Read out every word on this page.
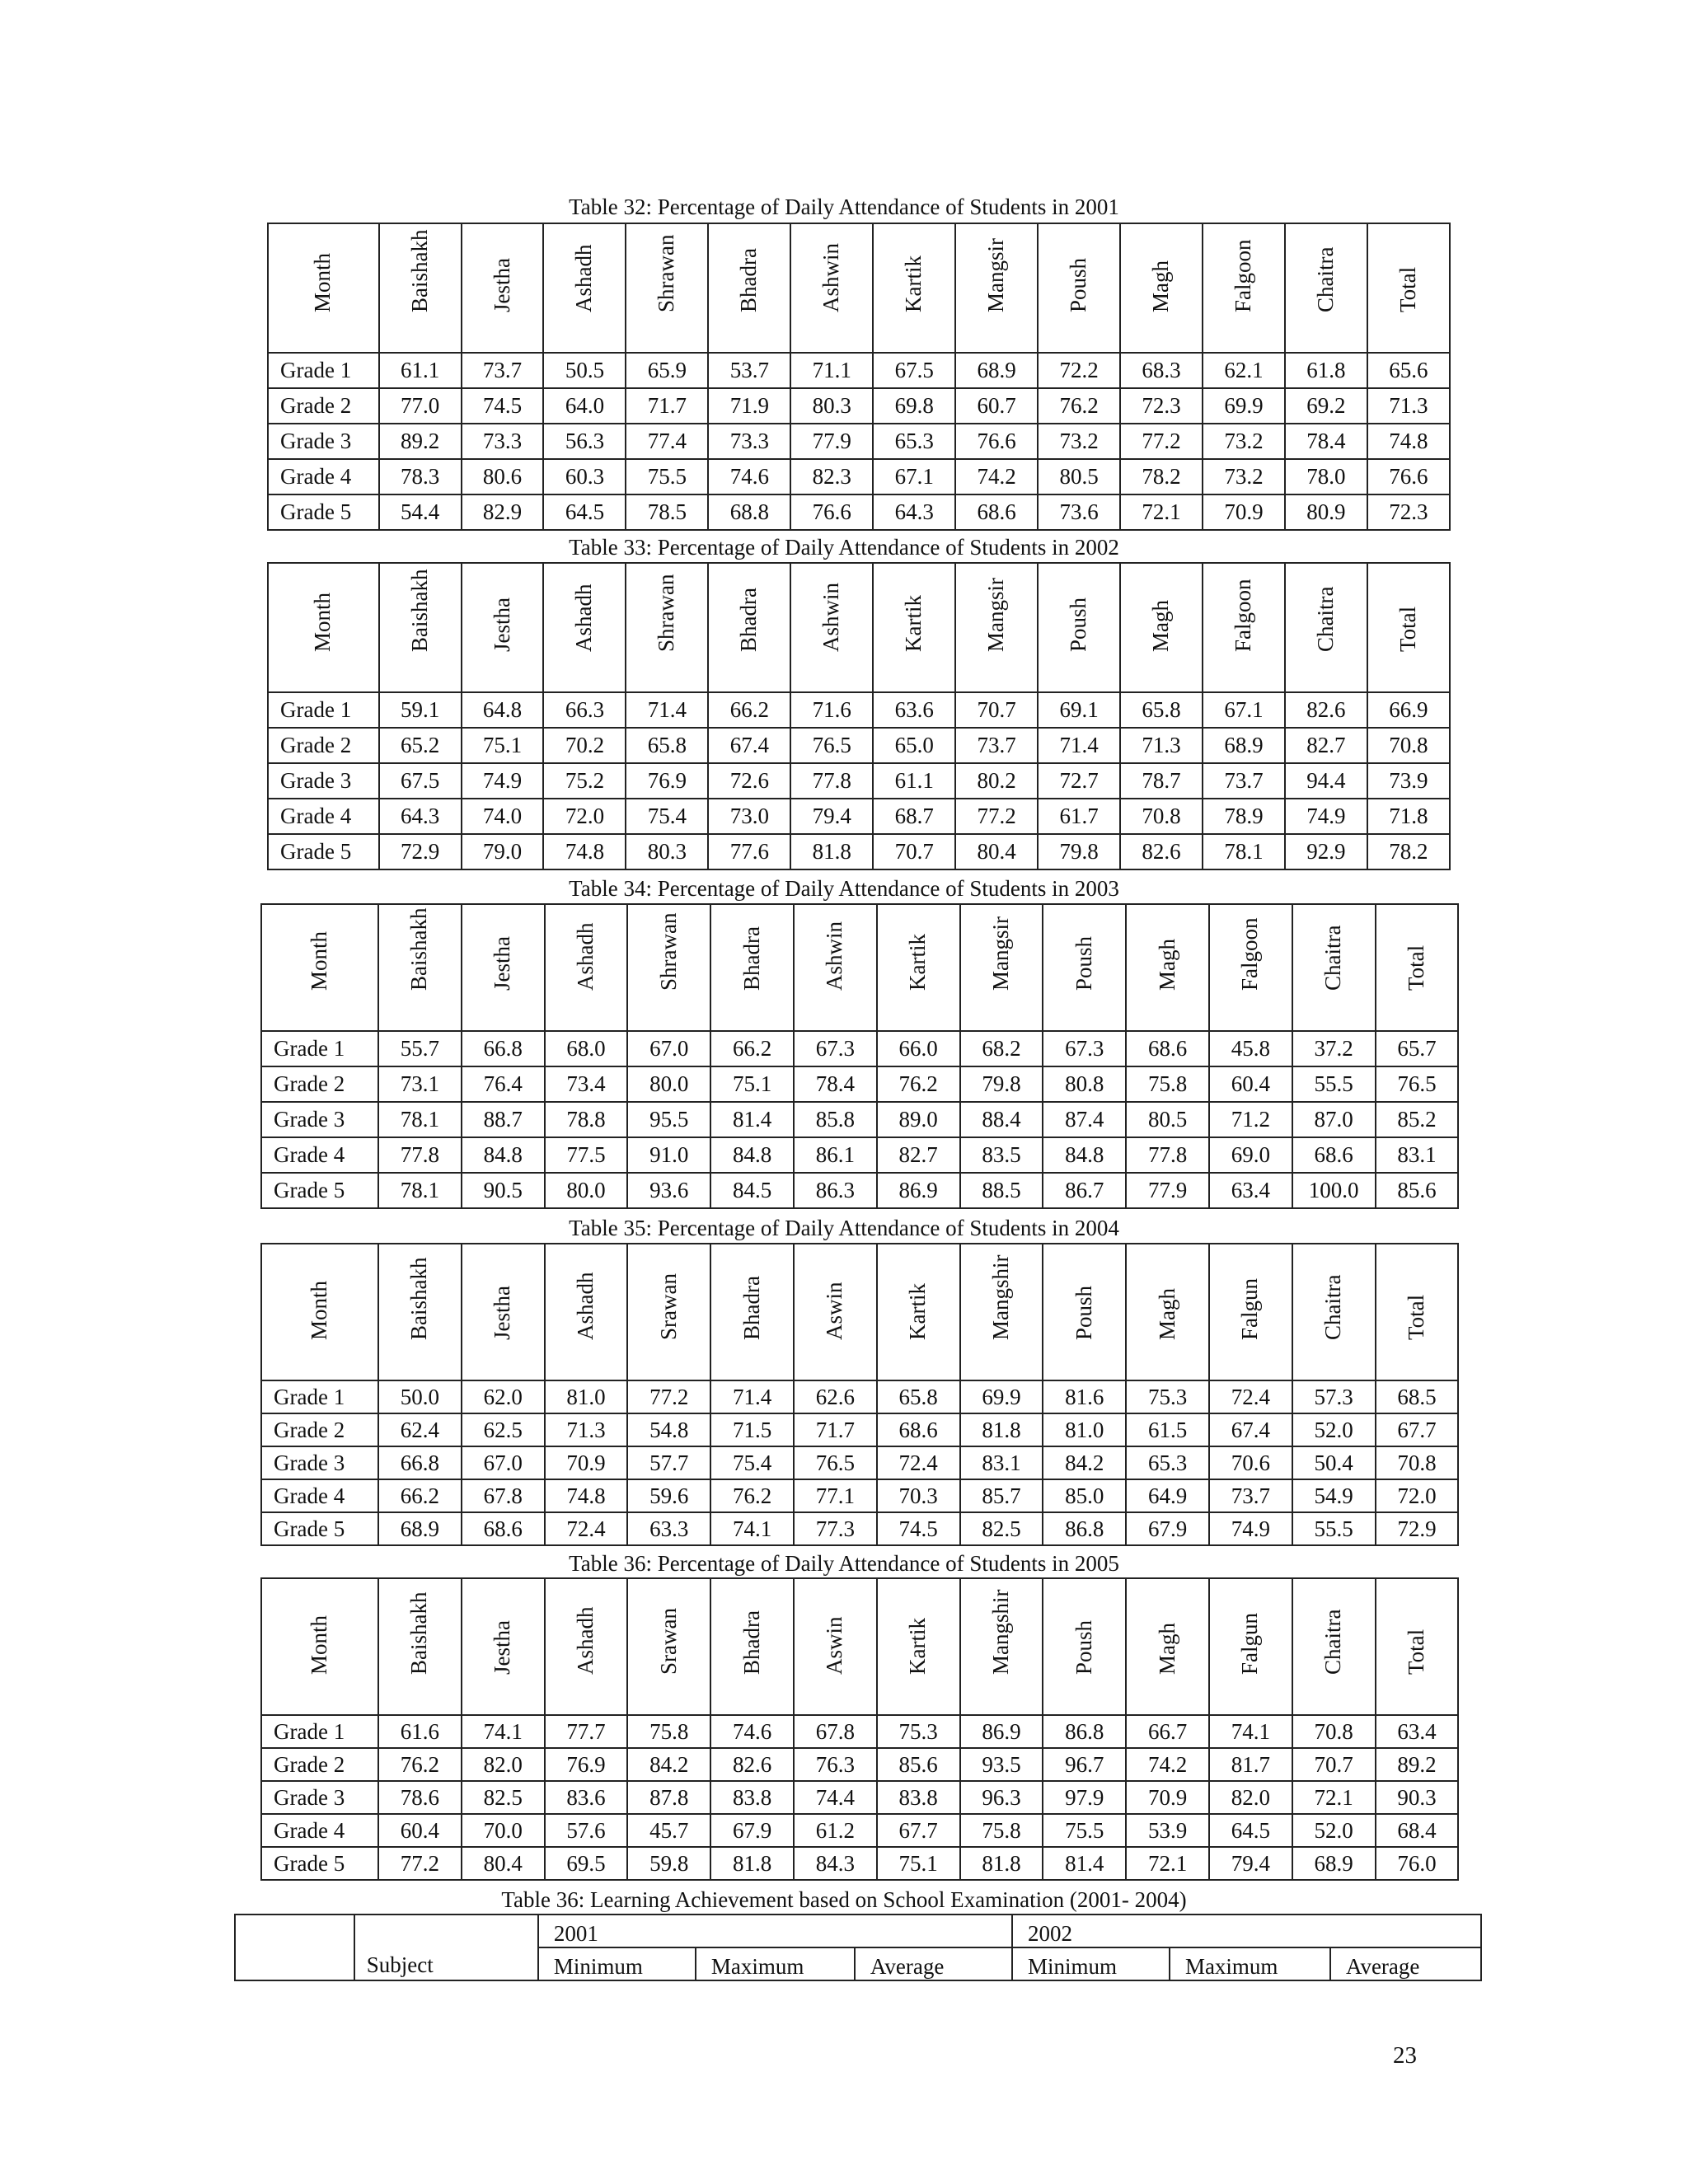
Table 32: Percentage of Daily Attendance of Students in 2001
Month	Baishakh	Jestha	Ashadh	Shrawan	Bhadra	Ashwin	Kartik	Mangsir	Poush	Magh	Falgoon	Chaitra	Total

Grade 1	61.1	73.7	50.5	65.9	53.7	71.1	67.5	68.9	72.2	68.3	62.1	61.8	65.6
Grade 2	77.0	74.5	64.0	71.7	71.9	80.3	69.8	60.7	76.2	72.3	69.9	69.2	71.3
Grade 3	89.2	73.3	56.3	77.4	73.3	77.9	65.3	76.6	73.2	77.2	73.2	78.4	74.8
Grade 4	78.3	80.6	60.3	75.5	74.6	82.3	67.1	74.2	80.5	78.2	73.2	78.0	76.6
Grade 5	54.4	82.9	64.5	78.5	68.8	76.6	64.3	68.6	73.6	72.1	70.9	80.9	72.3
Table 33: Percentage of Daily Attendance of Students in 2002
Month	Baishakh	Jestha	Ashadh	Shrawan	Bhadra	Ashwin	Kartik	Mangsir	Poush	Magh	Falgoon	Chaitra	Total

Grade 1	59.1	64.8	66.3	71.4	66.2	71.6	63.6	70.7	69.1	65.8	67.1	82.6	66.9
Grade 2	65.2	75.1	70.2	65.8	67.4	76.5	65.0	73.7	71.4	71.3	68.9	82.7	70.8
Grade 3	67.5	74.9	75.2	76.9	72.6	77.8	61.1	80.2	72.7	78.7	73.7	94.4	73.9
Grade 4	64.3	74.0	72.0	75.4	73.0	79.4	68.7	77.2	61.7	70.8	78.9	74.9	71.8
Grade 5	72.9	79.0	74.8	80.3	77.6	81.8	70.7	80.4	79.8	82.6	78.1	92.9	78.2
Table 34: Percentage of Daily Attendance of Students in 2003
Month	Baishakh	Jestha	Ashadh	Shrawan	Bhadra	Ashwin	Kartik	Mangsir	Poush	Magh	Falgoon	Chaitra	Total

Grade 1	55.7	66.8	68.0	67.0	66.2	67.3	66.0	68.2	67.3	68.6	45.8	37.2	65.7
Grade 2	73.1	76.4	73.4	80.0	75.1	78.4	76.2	79.8	80.8	75.8	60.4	55.5	76.5
Grade 3	78.1	88.7	78.8	95.5	81.4	85.8	89.0	88.4	87.4	80.5	71.2	87.0	85.2
Grade 4	77.8	84.8	77.5	91.0	84.8	86.1	82.7	83.5	84.8	77.8	69.0	68.6	83.1
Grade 5	78.1	90.5	80.0	93.6	84.5	86.3	86.9	88.5	86.7	77.9	63.4	100.0	85.6
Table 35: Percentage of Daily Attendance of Students in 2004
Month	Baishakh	Jestha	Ashadh	Srawan	Bhadra	Aswin	Kartik	Mangshir	Poush	Magh	Falgun	Chaitra	Total

Grade 1	50.0	62.0	81.0	77.2	71.4	62.6	65.8	69.9	81.6	75.3	72.4	57.3	68.5
Grade 2	62.4	62.5	71.3	54.8	71.5	71.7	68.6	81.8	81.0	61.5	67.4	52.0	67.7
Grade 3	66.8	67.0	70.9	57.7	75.4	76.5	72.4	83.1	84.2	65.3	70.6	50.4	70.8
Grade 4	66.2	67.8	74.8	59.6	76.2	77.1	70.3	85.7	85.0	64.9	73.7	54.9	72.0
Grade 5	68.9	68.6	72.4	63.3	74.1	77.3	74.5	82.5	86.8	67.9	74.9	55.5	72.9
Table 36: Percentage of Daily Attendance of Students in 2005
Month	Baishakh	Jestha	Ashadh	Srawan	Bhadra	Aswin	Kartik	Mangshir	Poush	Magh	Falgun	Chaitra	Total

Grade 1	61.6	74.1	77.7	75.8	74.6	67.8	75.3	86.9	86.8	66.7	74.1	70.8	63.4
Grade 2	76.2	82.0	76.9	84.2	82.6	76.3	85.6	93.5	96.7	74.2	81.7	70.7	89.2
Grade 3	78.6	82.5	83.6	87.8	83.8	74.4	83.8	96.3	97.9	70.9	82.0	72.1	90.3
Grade 4	60.4	70.0	57.6	45.7	67.9	61.2	67.7	75.8	75.5	53.9	64.5	52.0	68.4
Grade 5	77.2	80.4	69.5	59.8	81.8	84.3	75.1	81.8	81.4	72.1	79.4	68.9	76.0
Table 36: Learning Achievement based on School Examination (2001- 2004)
	Subject	2001			2002		
		Minimum	Maximum	Average	Minimum	Maximum	Average
23
